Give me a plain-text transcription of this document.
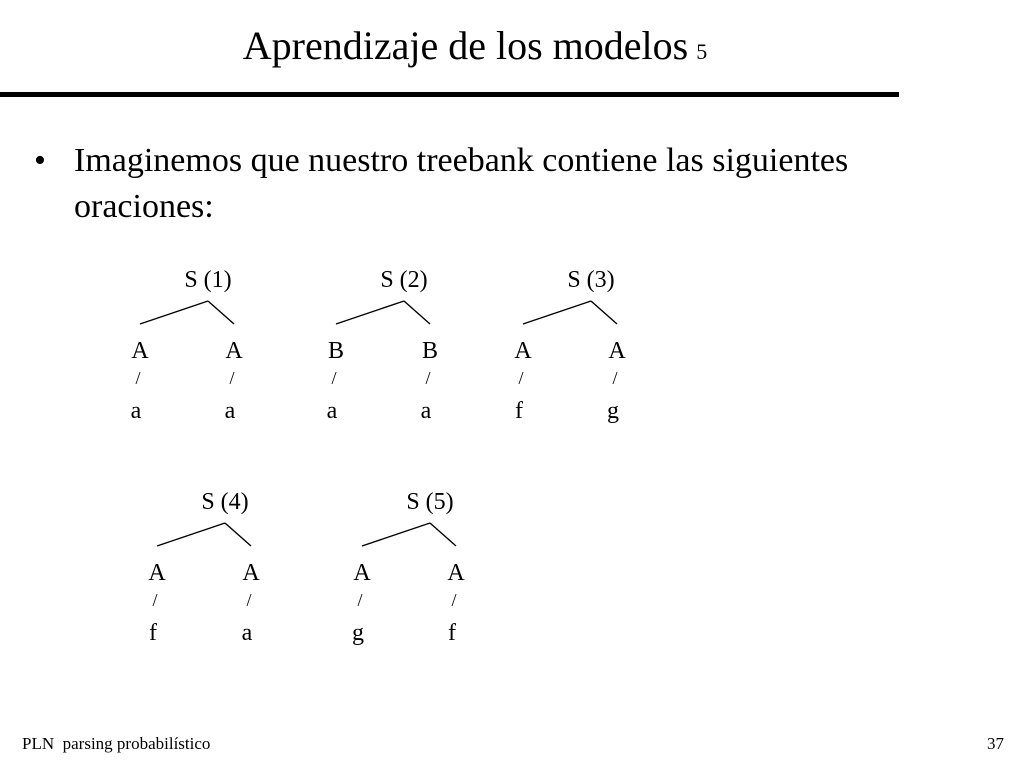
Aprendizaje de los modelos 5
• Imaginemos que nuestro treebank contiene las siguientes oraciones:
S (1)
A	A
/	/
a	a
S (2)
B	B
/	/
a	a
S (3)
A	A
/	/
f	g
S (4)
A	A
/	/
f	a
S (5)
A	A
/	/
g	f
PLN  parsing probabilístico	37
